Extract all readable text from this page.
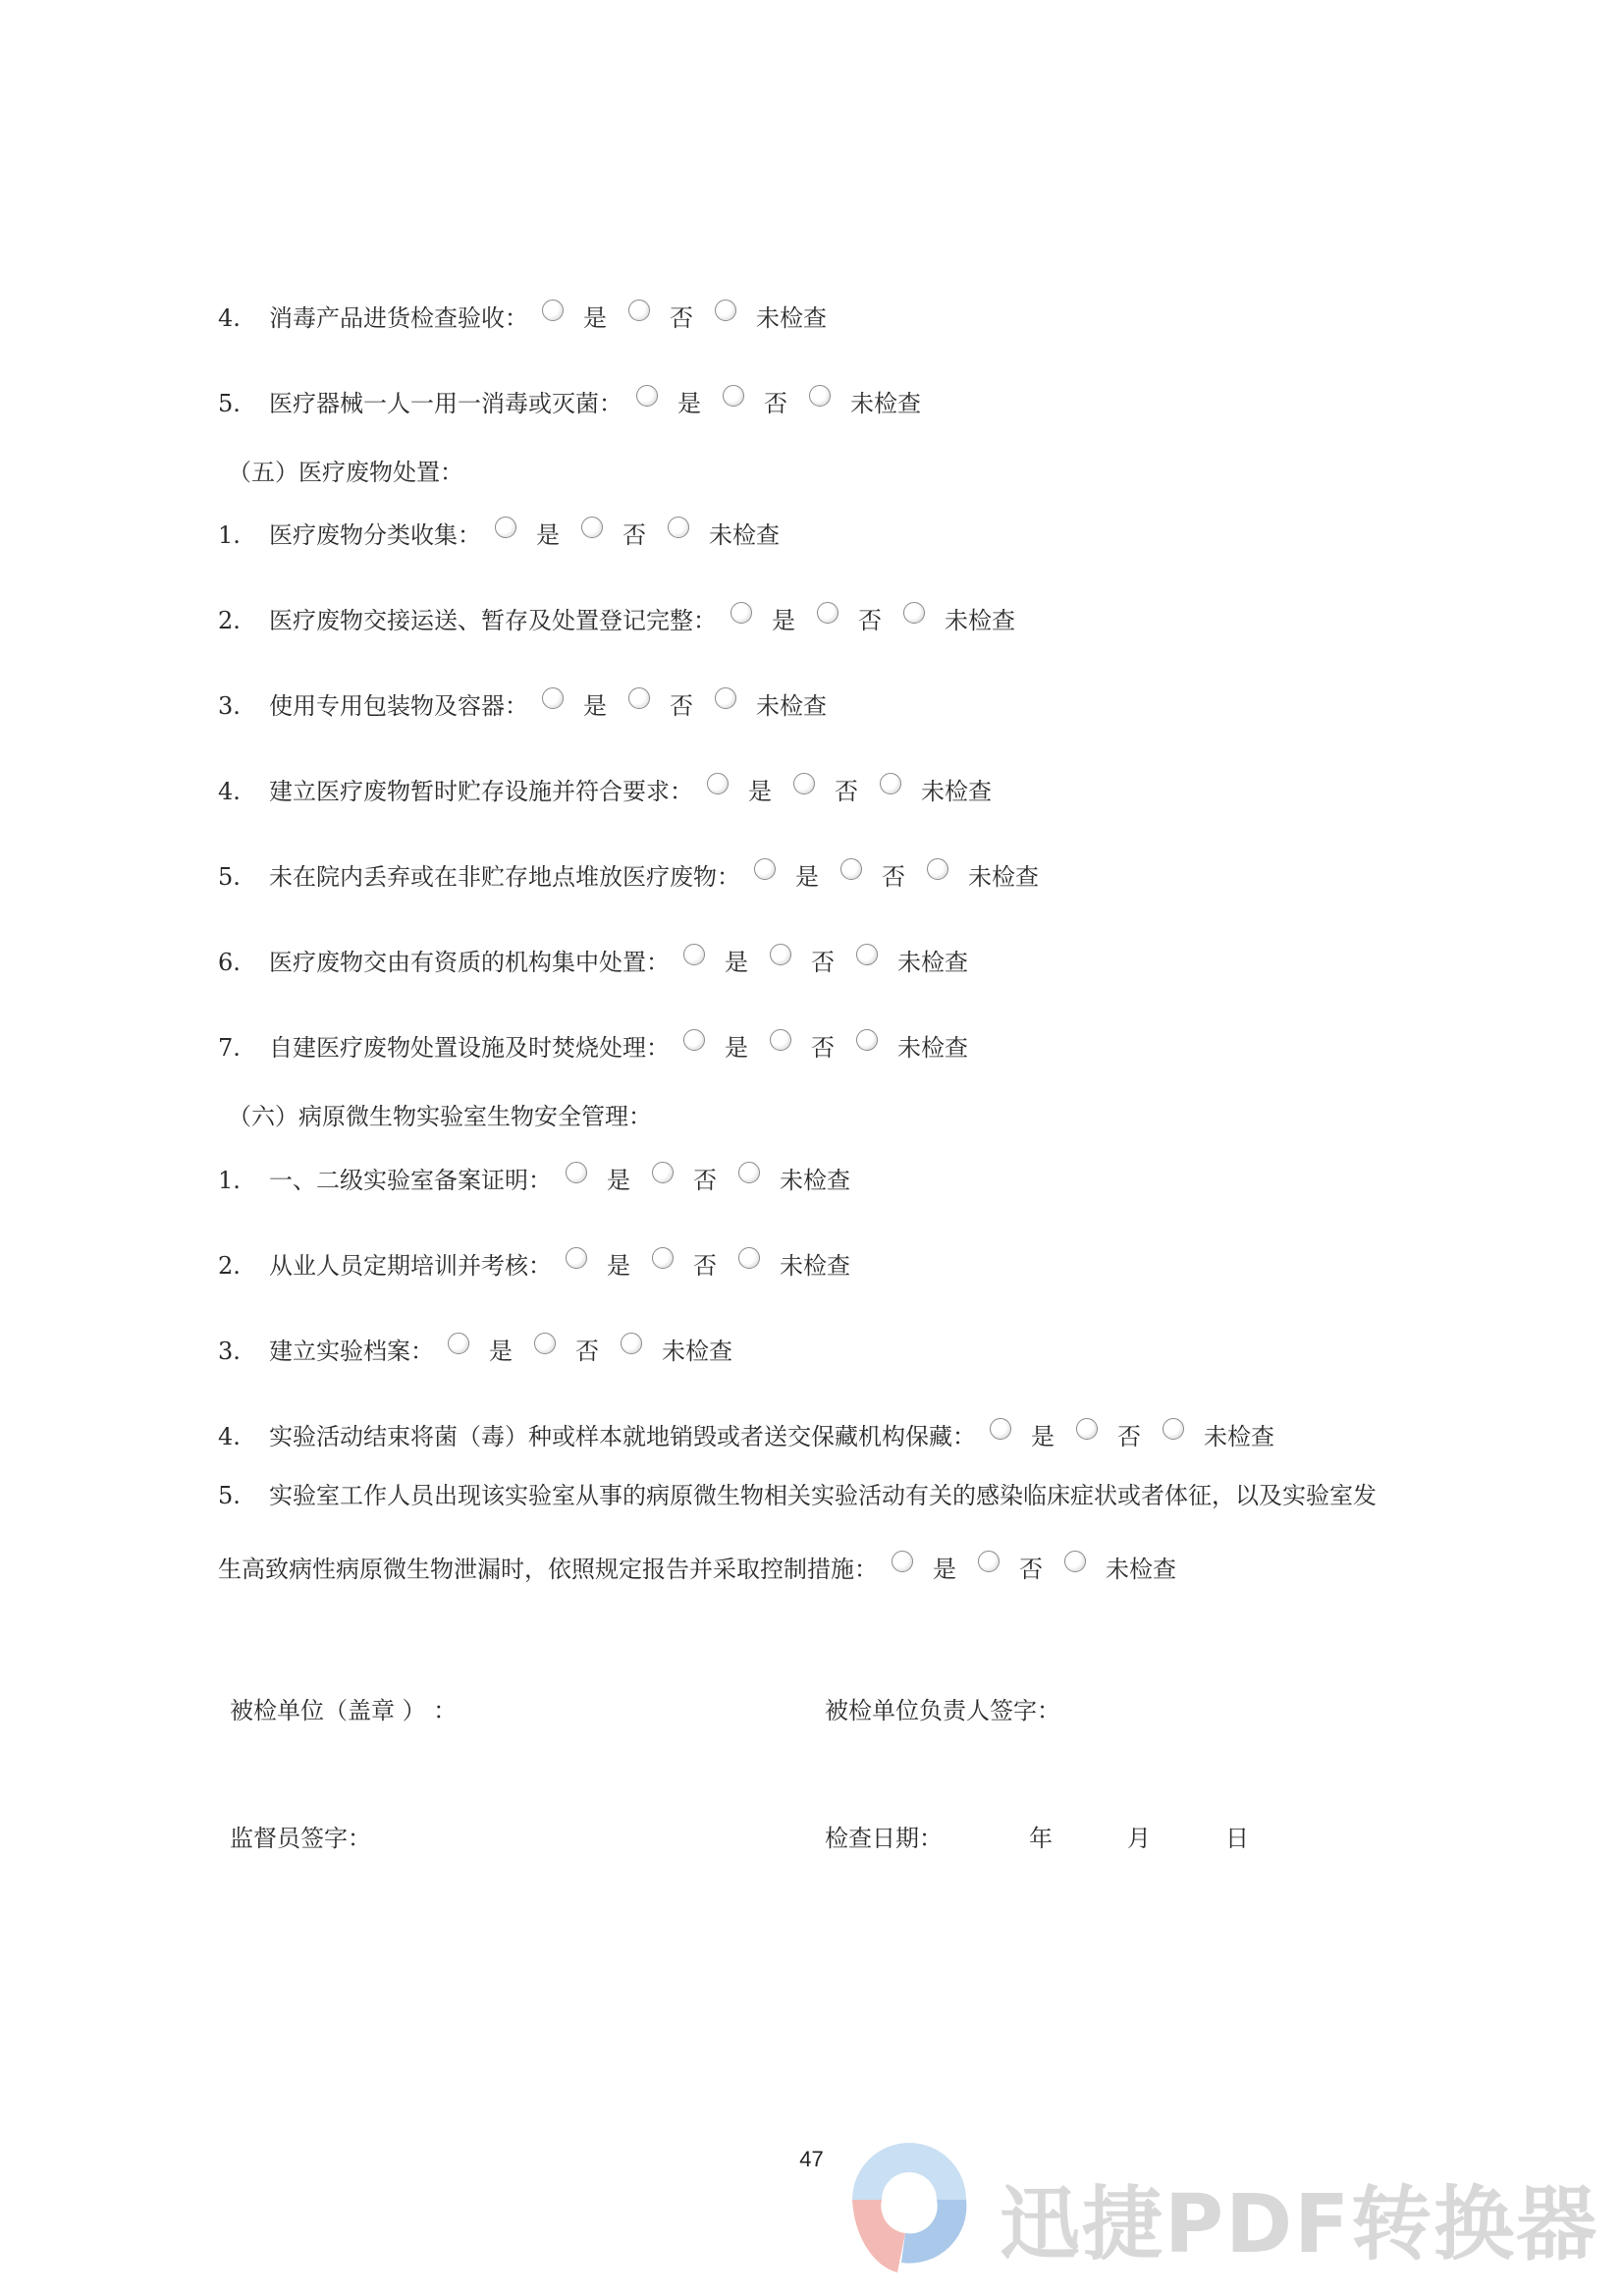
4.	消毒产品进货检查验收： 是	否	未检查
5.	医疗器械一人一用一消毒或灭菌： 是	否	未检查
（五）医疗废物处置：
1.	医疗废物分类收集： 是	否	未检查
2.	医疗废物交接运送、暂存及处置登记完整： 是	否	未检查
3.	使用专用包装物及容器： 是	否	未检查
4.	建立医疗废物暂时贮存设施并符合要求： 是	否	未检查
5.	未在院内丢弃或在非贮存地点堆放医疗废物： 是	否	未检查
6.	医疗废物交由有资质的机构集中处置： 是	否	未检查
7.	自建医疗废物处置设施及时焚烧处理： 是	否	未检查
（六）病原微生物实验室生物安全管理：
1.	一、二级实验室备案证明： 是	否	未检查
2.	从业人员定期培训并考核： 是	否	未检查
3.	建立实验档案： 是	否	未检查
4.	实验活动结束将菌（毒）种或样本就地销毁或者送交保藏机构保藏： 是	否	未检查
5. 实验室工作人员出现该实验室从事的病原微生物相关实验活动有关的感染临床症状或者体征，以及实验室发
生高致病性病原微生物泄漏时，依照规定报告并采取控制措施： 是	否	未检查
被检单位（盖章 ） ：	被检单位负责人签字：
监督员签字：	检查日期：	年	月	日
47
迅捷PDF转换器
